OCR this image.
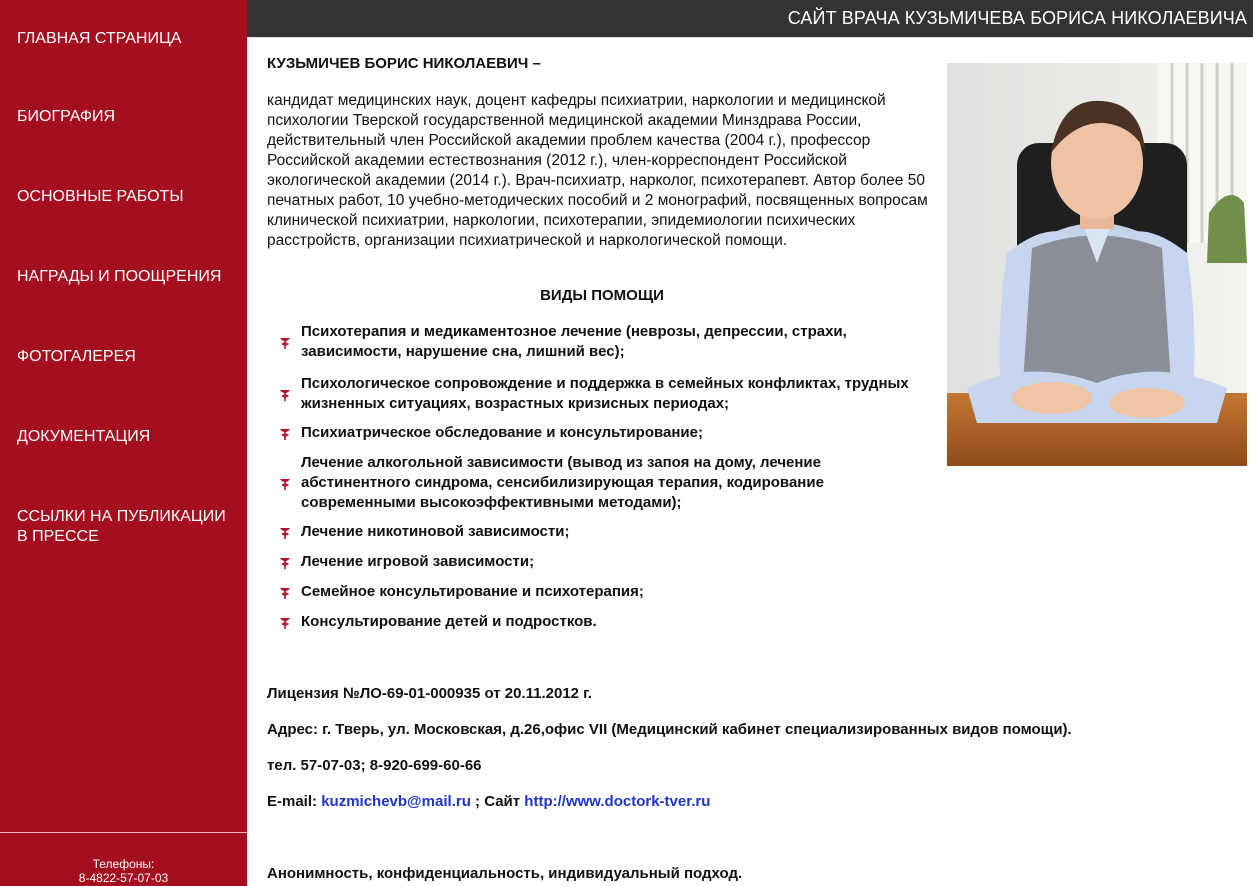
ГЛАВНАЯ СТРАНИЦА
БИОГРАФИЯ
ОСНОВНЫЕ РАБОТЫ
НАГРАДЫ И ПООЩРЕНИЯ
ФОТОГАЛЕРЕЯ
ДОКУМЕНТАЦИЯ
ССЫЛКИ НА ПУБЛИКАЦИИ В ПРЕССЕ
Телефоны:
8-4822-57-07-03
САЙТ ВРАЧА КУЗЬМИЧЕВА БОРИСА НИКОЛАЕВИЧА
КУЗЬМИЧЕВ БОРИС НИКОЛАЕВИЧ –
кандидат медицинских наук, доцент кафедры психиатрии, наркологии и медицинской психологии Тверской государственной медицинской академии Минздрава России, действительный член Российской академии проблем качества (2004 г.), профессор Российской академии естествознания (2012 г.), член-корреспондент Российской экологической академии (2014 г.). Врач-психиатр, нарколог, психотерапевт. Автор более 50 печатных работ, 10 учебно-методических пособий и 2 монографий, посвященных вопросам клинической психиатрии, наркологии, психотерапии, эпидемиологии психических расстройств, организации психиатрической и наркологической помощи.
ВИДЫ ПОМОЩИ
Психотерапия и медикаментозное лечение (неврозы, депрессии, страхи, зависимости, нарушение сна, лишний вес);
Психологическое сопровождение и поддержка в семейных конфликтах, трудных жизненных ситуациях, возрастных кризисных периодах;
Психиатрическое обследование и консультирование;
Лечение алкогольной зависимости (вывод из запоя на дому, лечение абстинентного синдрома, сенсибилизирующая терапия, кодирование современными высокоэффективными методами);
Лечение никотиновой зависимости;
Лечение игровой зависимости;
Семейное консультирование и психотерапия;
Консультирование детей и подростков.
Лицензия №ЛО-69-01-000935 от 20.11.2012 г.
Адрес: г. Тверь, ул. Московская, д.26,офис VII (Медицинский кабинет специализированных видов помощи).
тел. 57-07-03; 8-920-699-60-66
E-mail: kuzmichevb@mail.ru ; Сайт http://www.doctork-tver.ru
Анонимность, конфиденциальность, индивидуальный подход.
